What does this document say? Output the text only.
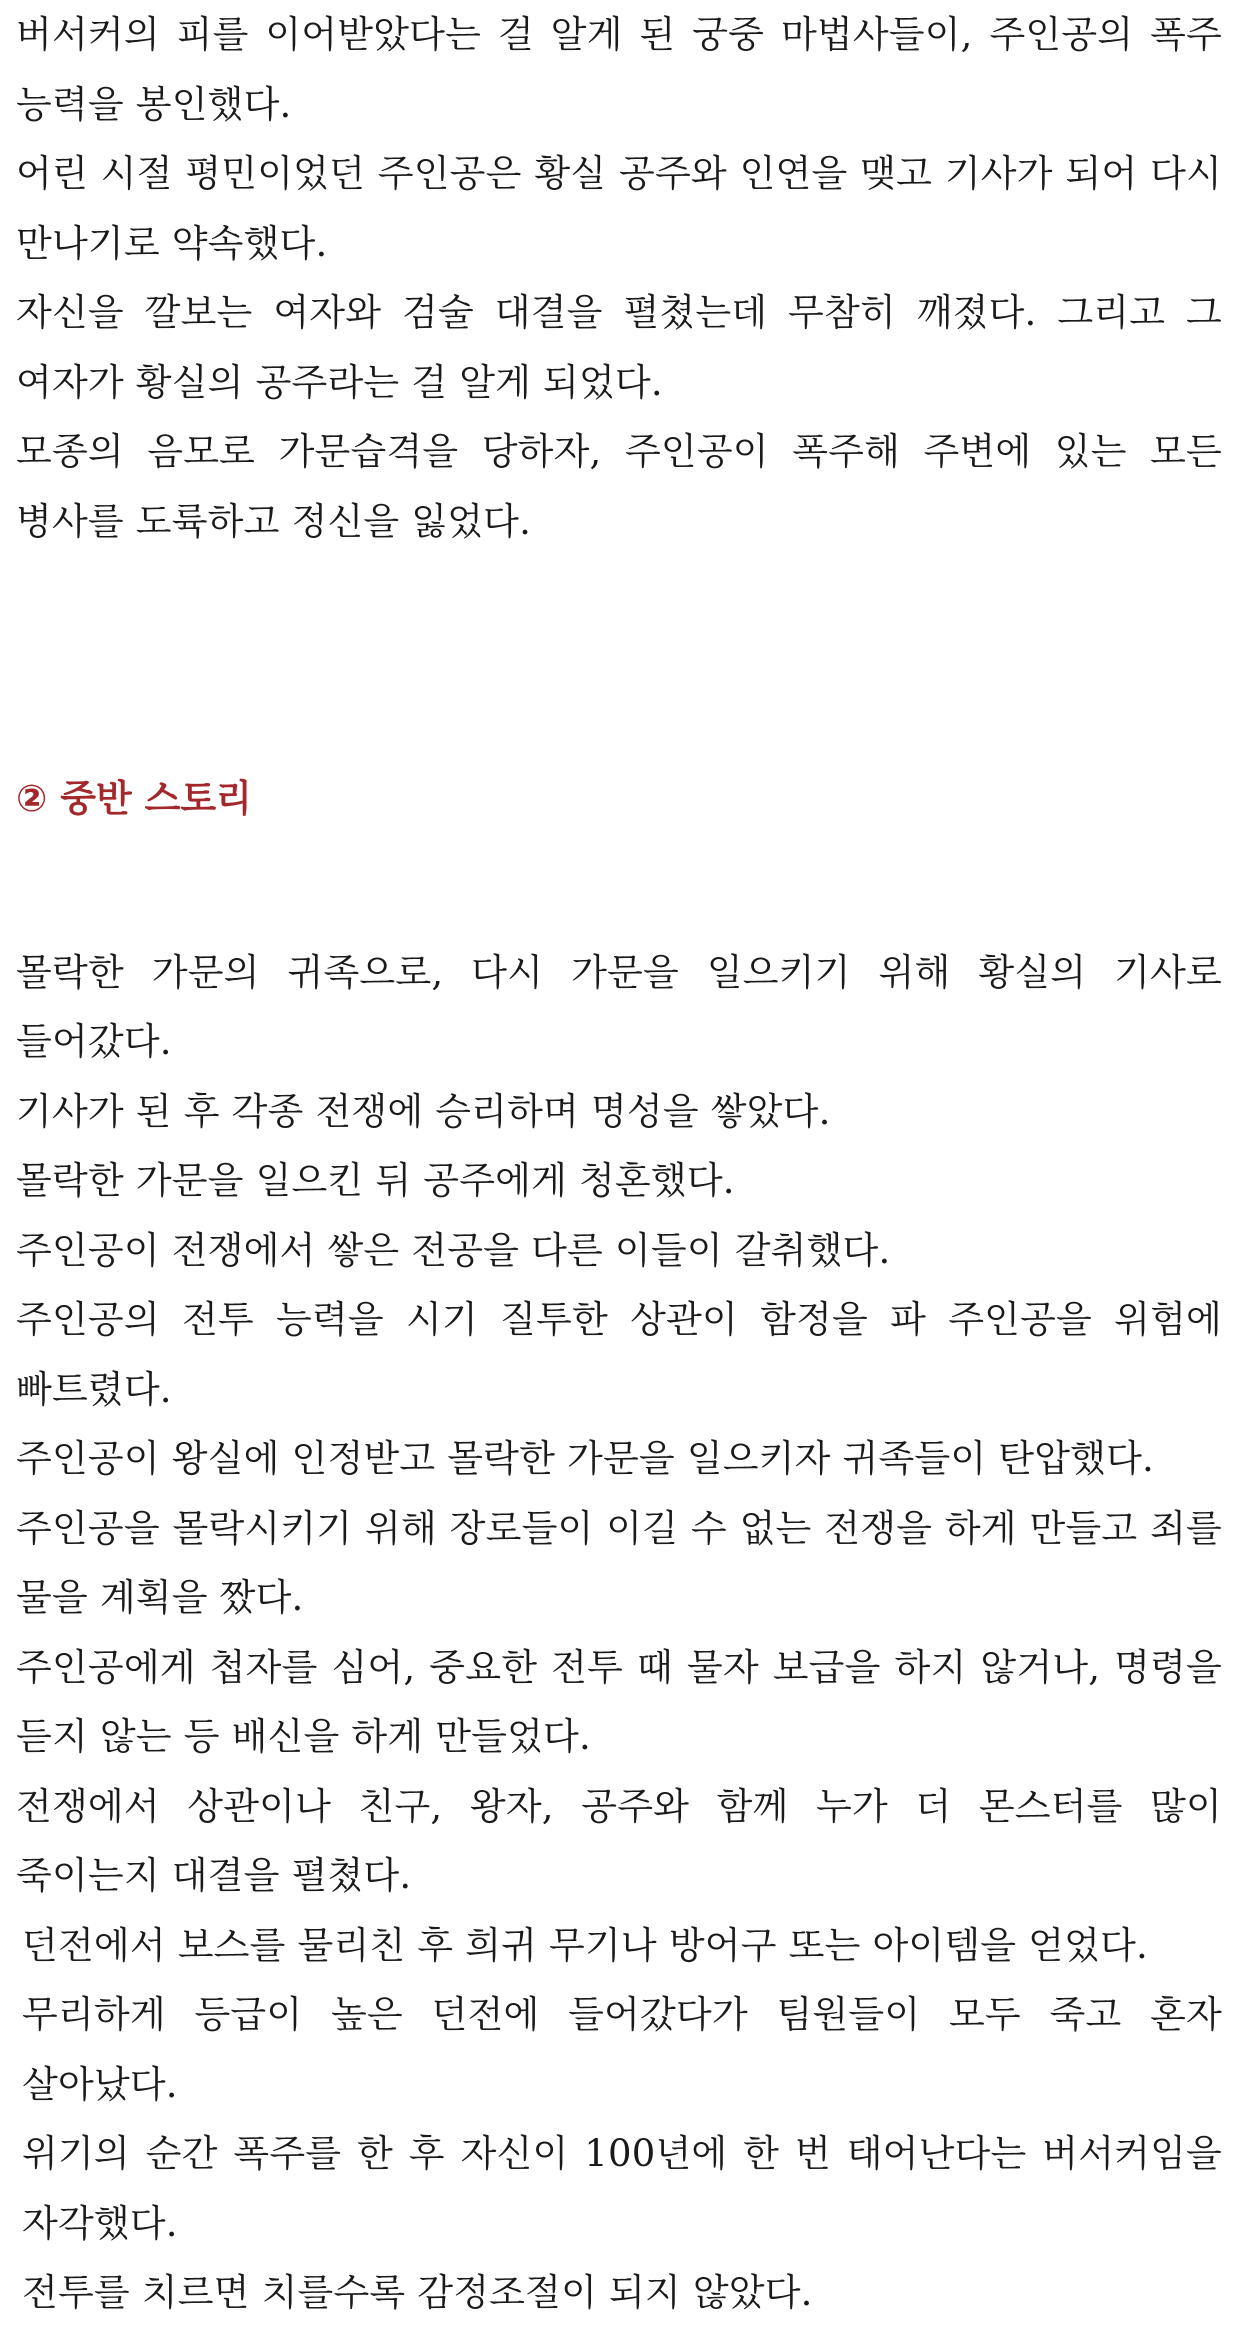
버서커의 피를 이어받았다는 걸 알게 된 궁중 마법사들이, 주인공의 폭주 능력을 봉인했다.

어린 시절 평민이었던 주인공은 황실 공주와 인연을 맺고 기사가 되어 다시 만나기로 약속했다.

자신을 깔보는 여자와 검술 대결을 펼쳤는데 무참히 깨졌다. 그리고 그 여자가 황실의 공주라는 걸 알게 되었다.

모종의 음모로 가문습격을 당하자, 주인공이 폭주해 주변에 있는 모든 병사를 도륙하고 정신을 잃었다.

② 중반 스토리

몰락한 가문의 귀족으로, 다시 가문을 일으키기 위해 황실의 기사로 들어갔다.

기사가 된 후 각종 전쟁에 승리하며 명성을 쌓았다.

몰락한 가문을 일으킨 뒤 공주에게 청혼했다.

주인공이 전쟁에서 쌓은 전공을 다른 이들이 갈취했다.

주인공의 전투 능력을 시기 질투한 상관이 함정을 파 주인공을 위험에 빠트렸다.

주인공이 왕실에 인정받고 몰락한 가문을 일으키자 귀족들이 탄압했다.

주인공을 몰락시키기 위해 장로들이 이길 수 없는 전쟁을 하게 만들고 죄를 물을 계획을 짰다.

주인공에게 첩자를 심어, 중요한 전투 때 물자 보급을 하지 않거나, 명령을 듣지 않는 등 배신을 하게 만들었다.

전쟁에서 상관이나 친구, 왕자, 공주와 함께 누가 더 몬스터를 많이 죽이는지 대결을 펼쳤다.

던전에서 보스를 물리친 후 희귀 무기나 방어구 또는 아이템을 얻었다.

무리하게 등급이 높은 던전에 들어갔다가 팀원들이 모두 죽고 혼자 살아났다.

위기의 순간 폭주를 한 후 자신이 100년에 한 번 태어난다는 버서커임을 자각했다.

전투를 치르면 치를수록 감정조절이 되지 않았다.
